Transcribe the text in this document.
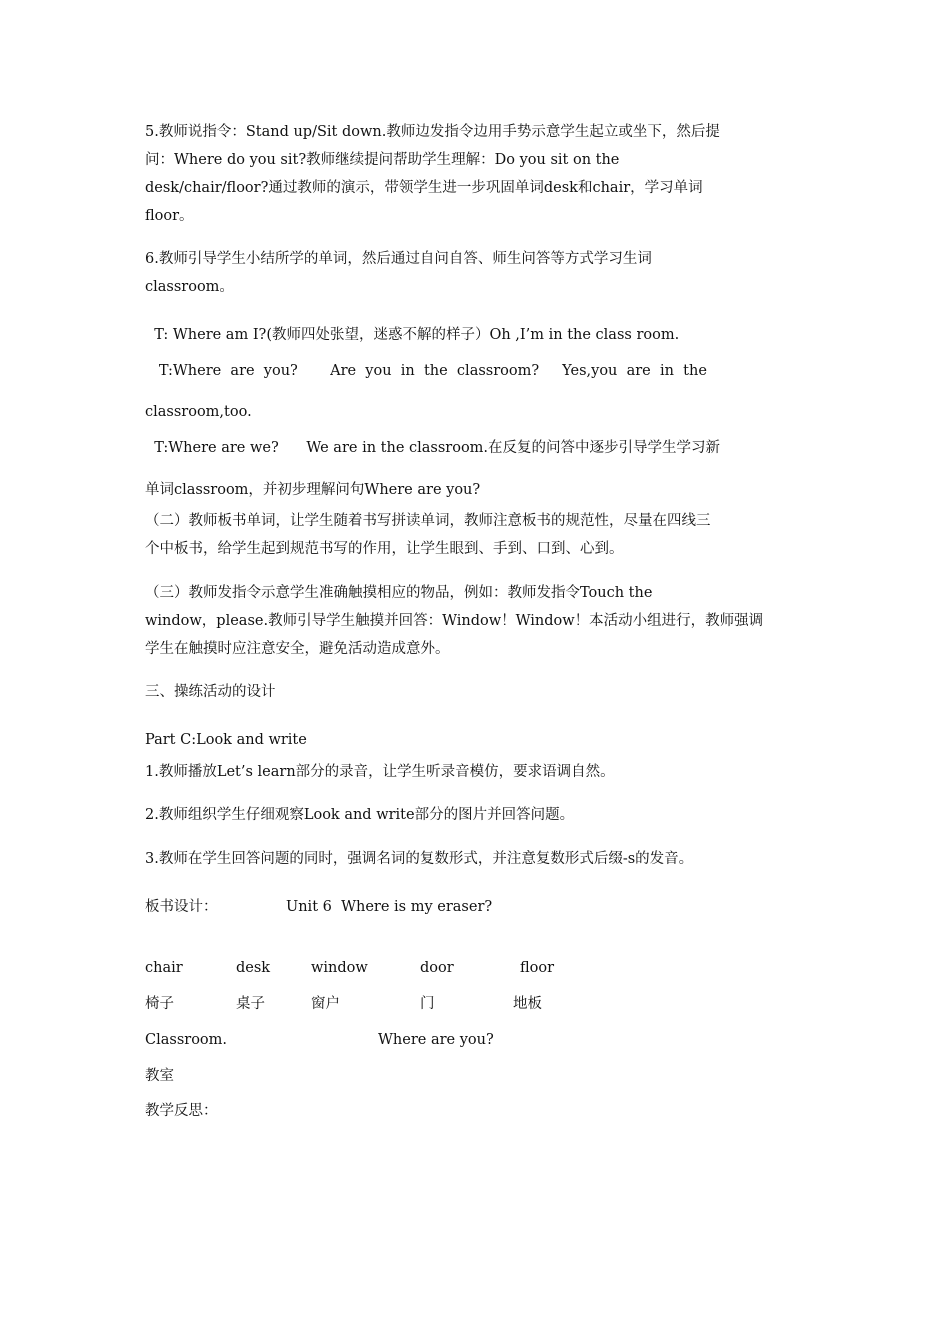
5.教师说指令：Stand up/Sit down.教师边发指令边用手势示意学生起立或坐下，然后提
问：Where do you sit?教师继续提问帮助学生理解：Do you sit on the
desk/chair/floor?通过教师的演示，带领学生进一步巩固单词desk和chair，学习单词
floor。
6.教师引导学生小结所学的单词，然后通过自问自答、师生问答等方式学习生词
classroom。
T: Where am I?(教师四处张望，迷惑不解的样子）Oh ,I’m in the class room.
T:Where  are  you?       Are  you  in  the  classroom?     Yes,you  are  in  the
classroom,too.
T:Where are we?      We are in the classroom.在反复的问答中逐步引导学生学习新
单词classroom，并初步理解问句Where are you?
（二）教师板书单词，让学生随着书写拼读单词，教师注意板书的规范性，尽量在四线三
个中板书，给学生起到规范书写的作用，让学生眼到、手到、口到、心到。
（三）教师发指令示意学生准确触摸相应的物品，例如：教师发指令Touch the
window，please.教师引导学生触摸并回答：Window！Window！本活动小组进行，教师强调
学生在触摸时应注意安全，避免活动造成意外。
三、操练活动的设计
Part C:Look and write
1.教师播放Let’s learn部分的录音，让学生听录音模仿，要求语调自然。
2.教师组织学生仔细观察Look and write部分的图片并回答问题。
3.教师在学生回答问题的同时，强调名词的复数形式，并注意复数形式后缀-s的发音。
板书设计：	Unit 6  Where is my eraser?
chair	desk	window	door	floor
椅子	桌子	窗户	门	地板
Classroom.	Where are you?
教室
教学反思：
